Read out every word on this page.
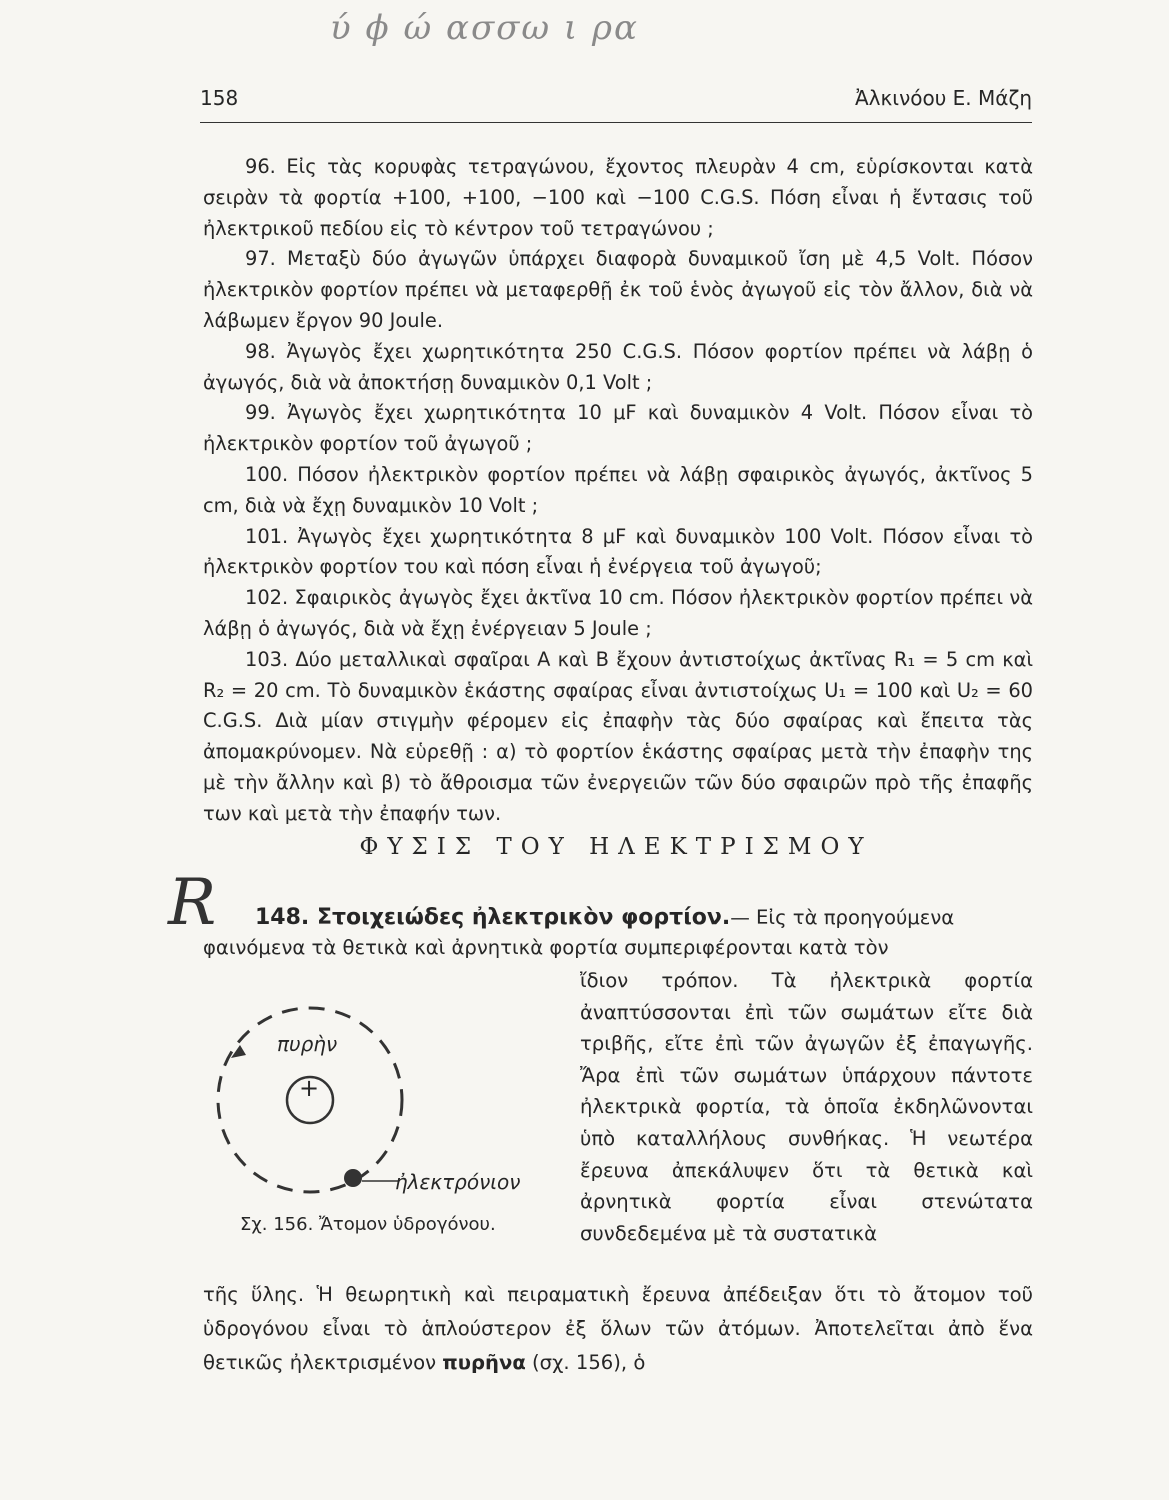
ύ ϕ ώ ασσω ι ρα
158	Ἀλκινόου Ε. Μάζη

96. Εἰς τὰς κορυφὰς τετραγώνου, ἔχοντος πλευρὰν 4 cm, εὑρίσκονται κατὰ σειρὰν τὰ φορτία +100, +100, −100 καὶ −100 C.G.S. Πόση εἶναι ἡ ἔντασις τοῦ ἠλεκτρικοῦ πεδίου εἰς τὸ κέντρον τοῦ τετραγώνου ;

97. Μεταξὺ δύο ἀγωγῶν ὑπάρχει διαφορὰ δυναμικοῦ ἴση μὲ 4,5 Volt. Πόσον ἠλεκτρικὸν φορτίον πρέπει νὰ μεταφερθῇ ἐκ τοῦ ἑνὸς ἀγωγοῦ εἰς τὸν ἄλλον, διὰ νὰ λάβωμεν ἔργον 90 Joule.

98. Ἀγωγὸς ἔχει χωρητικότητα 250 C.G.S. Πόσον φορτίον πρέπει νὰ λάβῃ ὁ ἀγωγός, διὰ νὰ ἀποκτήσῃ δυναμικὸν 0,1 Volt ;

99. Ἀγωγὸς ἔχει χωρητικότητα 10 μF καὶ δυναμικὸν 4 Volt. Πόσον εἶναι τὸ ἠλεκτρικὸν φορτίον τοῦ ἀγωγοῦ ;

100. Πόσον ἠλεκτρικὸν φορτίον πρέπει νὰ λάβῃ σφαιρικὸς ἀγωγός, ἀκτῖνος 5 cm, διὰ νὰ ἔχῃ δυναμικὸν 10 Volt ;

101. Ἀγωγὸς ἔχει χωρητικότητα 8 μF καὶ δυναμικὸν 100 Volt. Πόσον εἶναι τὸ ἠλεκτρικὸν φορτίον του καὶ πόση εἶναι ἡ ἐνέργεια τοῦ ἀγωγοῦ;

102. Σφαιρικὸς ἀγωγὸς ἔχει ἀκτῖνα 10 cm. Πόσον ἠλεκτρικὸν φορτίον πρέπει νὰ λάβῃ ὁ ἀγωγός, διὰ νὰ ἔχῃ ἐνέργειαν 5 Joule ;

103. Δύο μεταλλικαὶ σφαῖραι Α καὶ Β ἔχουν ἀντιστοίχως ἀκτῖνας R₁ = 5 cm καὶ R₂ = 20 cm. Τὸ δυναμικὸν ἑκάστης σφαίρας εἶναι ἀντιστοίχως U₁ = 100 καὶ U₂ = 60 C.G.S. Διὰ μίαν στιγμὴν φέρομεν εἰς ἐπαφὴν τὰς δύο σφαίρας καὶ ἔπειτα τὰς ἀπομακρύνομεν. Νὰ εὑρεθῇ : α) τὸ φορτίον ἑκάστης σφαίρας μετὰ τὴν ἐπαφὴν της μὲ τὴν ἄλλην καὶ β) τὸ ἄθροισμα τῶν ἐνεργειῶν τῶν δύο σφαιρῶν πρὸ τῆς ἐπαφῆς των καὶ μετὰ τὴν ἐπαφήν των.

ΦΥΣΙΣ ΤΟΥ ΗΛΕΚΤΡΙΣΜΟΥ
R	148. Στοιχειώδες ἠλεκτρικὸν φορτίον.— Εἰς τὰ προηγούμενα φαινόμενα τὰ θετικὰ καὶ ἀρνητικὰ φορτία συμπεριφέρονται κατὰ τὸν
πυρὴν
+
ἠλεκτρόνιον
Σχ. 156. Ἄτομον ὑδρογόνου.

ἴδιον τρόπον. Τὰ ἠλεκτρικὰ φορτία ἀναπτύσσονται ἐπὶ τῶν σωμάτων εἴτε διὰ τριβῆς, εἴτε ἐπὶ τῶν ἀγωγῶν ἐξ ἐπαγωγῆς. Ἄρα ἐπὶ τῶν σωμάτων ὑπάρχουν πάντοτε ἠλεκτρικὰ φορτία, τὰ ὁποῖα ἐκδηλῶνονται ὑπὸ καταλλήλους συνθήκας. Ἡ νεωτέρα ἔρευνα ἀπεκάλυψεν ὅτι τὰ θετικὰ καὶ ἀρνητικὰ φορτία εἶναι στενώτατα συνδεδεμένα μὲ τὰ συστατικὰ

τῆς ὕλης. Ἡ θεωρητικὴ καὶ πειραματικὴ ἔρευνα ἀπέδειξαν ὅτι τὸ ἄτομον τοῦ ὑδρογόνου εἶναι τὸ ἁπλούστερον ἐξ ὅλων τῶν ἀτόμων. Ἀποτελεῖται ἀπὸ ἕνα θετικῶς ἠλεκτρισμένον πυρῆνα (σχ. 156), ὁ
